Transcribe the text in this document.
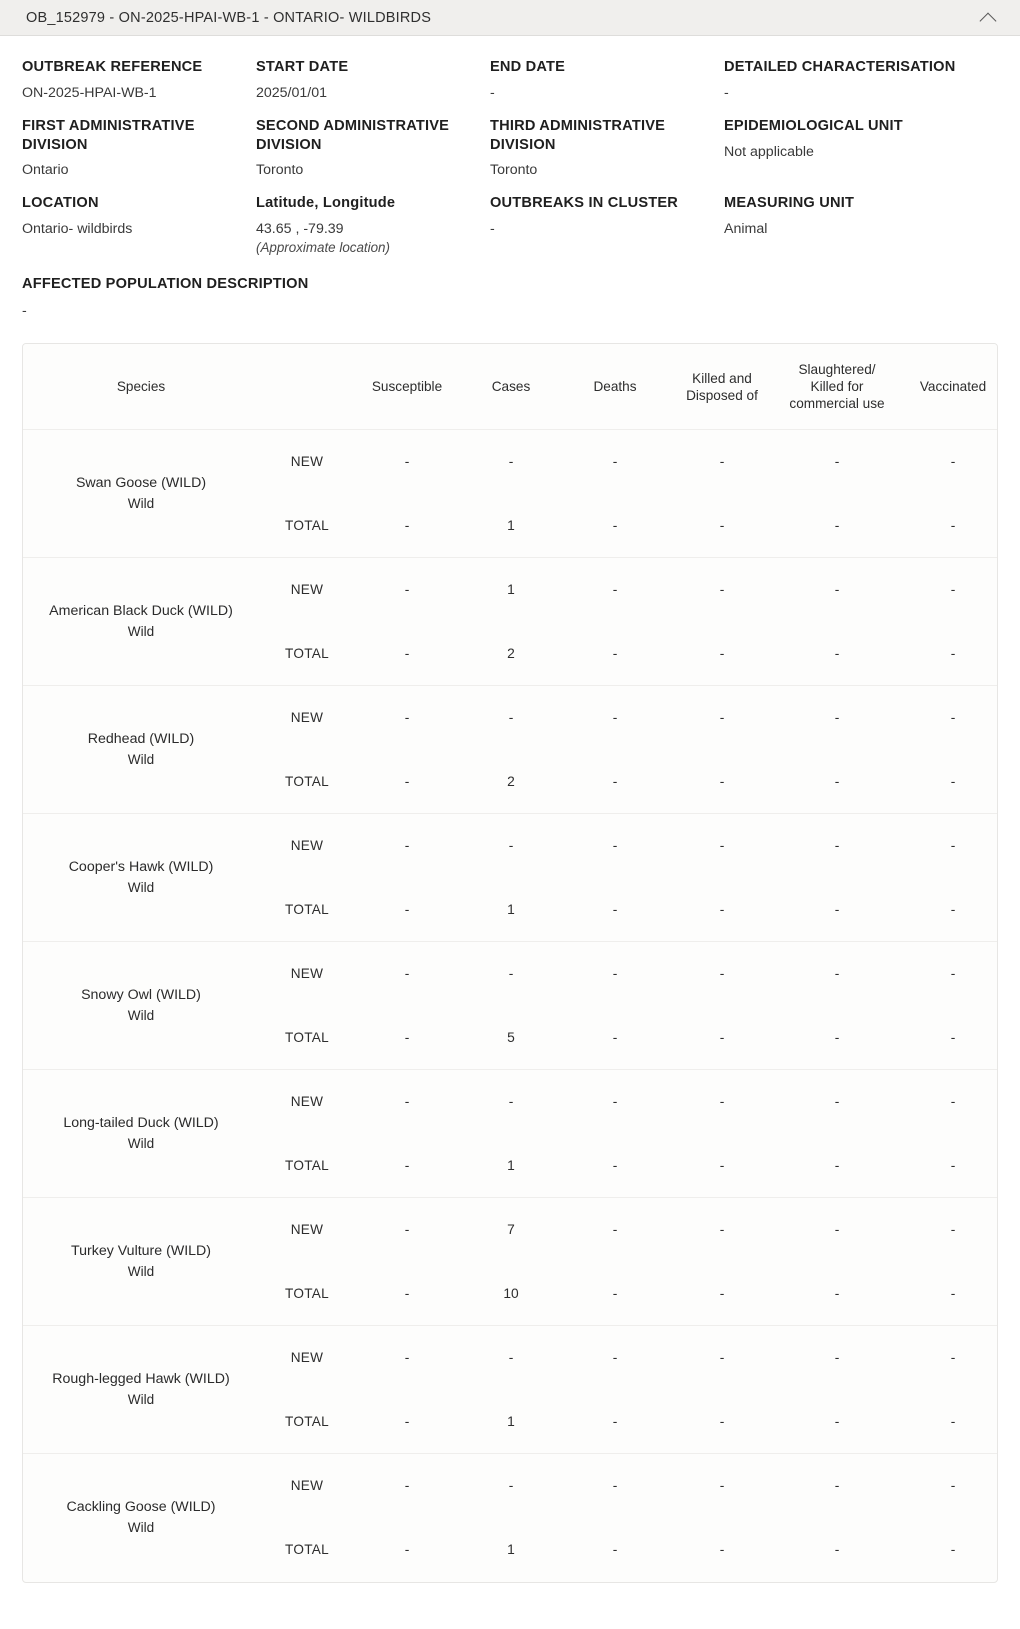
OB_152979 - ON-2025-HPAI-WB-1 - ONTARIO- WILDBIRDS
OUTBREAK REFERENCE
ON-2025-HPAI-WB-1
START DATE
2025/01/01
END DATE
-
DETAILED CHARACTERISATION
-
FIRST ADMINISTRATIVE DIVISION
Ontario
SECOND ADMINISTRATIVE DIVISION
Toronto
THIRD ADMINISTRATIVE DIVISION
Toronto
EPIDEMIOLOGICAL UNIT
Not applicable
LOCATION
Ontario- wildbirds
Latitude, Longitude
43.65 , -79.39
(Approximate location)
OUTBREAKS IN CLUSTER
-
MEASURING UNIT
Animal
AFFECTED POPULATION DESCRIPTION
-
Species		Susceptible	Cases	Deaths	Killed and Disposed of	Slaughtered/ Killed for commercial use	Vaccinated

Swan Goose (WILD)
Wild	NEW	-	-	-	-	-	-
	TOTAL	-	1	-	-	-	-

American Black Duck (WILD)
Wild	NEW	-	1	-	-	-	-
	TOTAL	-	2	-	-	-	-

Redhead (WILD)
Wild	NEW	-	-	-	-	-	-
	TOTAL	-	2	-	-	-	-

Cooper's Hawk (WILD)
Wild	NEW	-	-	-	-	-	-
	TOTAL	-	1	-	-	-	-

Snowy Owl (WILD)
Wild	NEW	-	-	-	-	-	-
	TOTAL	-	5	-	-	-	-

Long-tailed Duck (WILD)
Wild	NEW	-	-	-	-	-	-
	TOTAL	-	1	-	-	-	-

Turkey Vulture (WILD)
Wild	NEW	-	7	-	-	-	-
	TOTAL	-	10	-	-	-	-

Rough-legged Hawk (WILD)
Wild	NEW	-	-	-	-	-	-
	TOTAL	-	1	-	-	-	-

Cackling Goose (WILD)
Wild	NEW	-	-	-	-	-	-
	TOTAL	-	1	-	-	-	-
